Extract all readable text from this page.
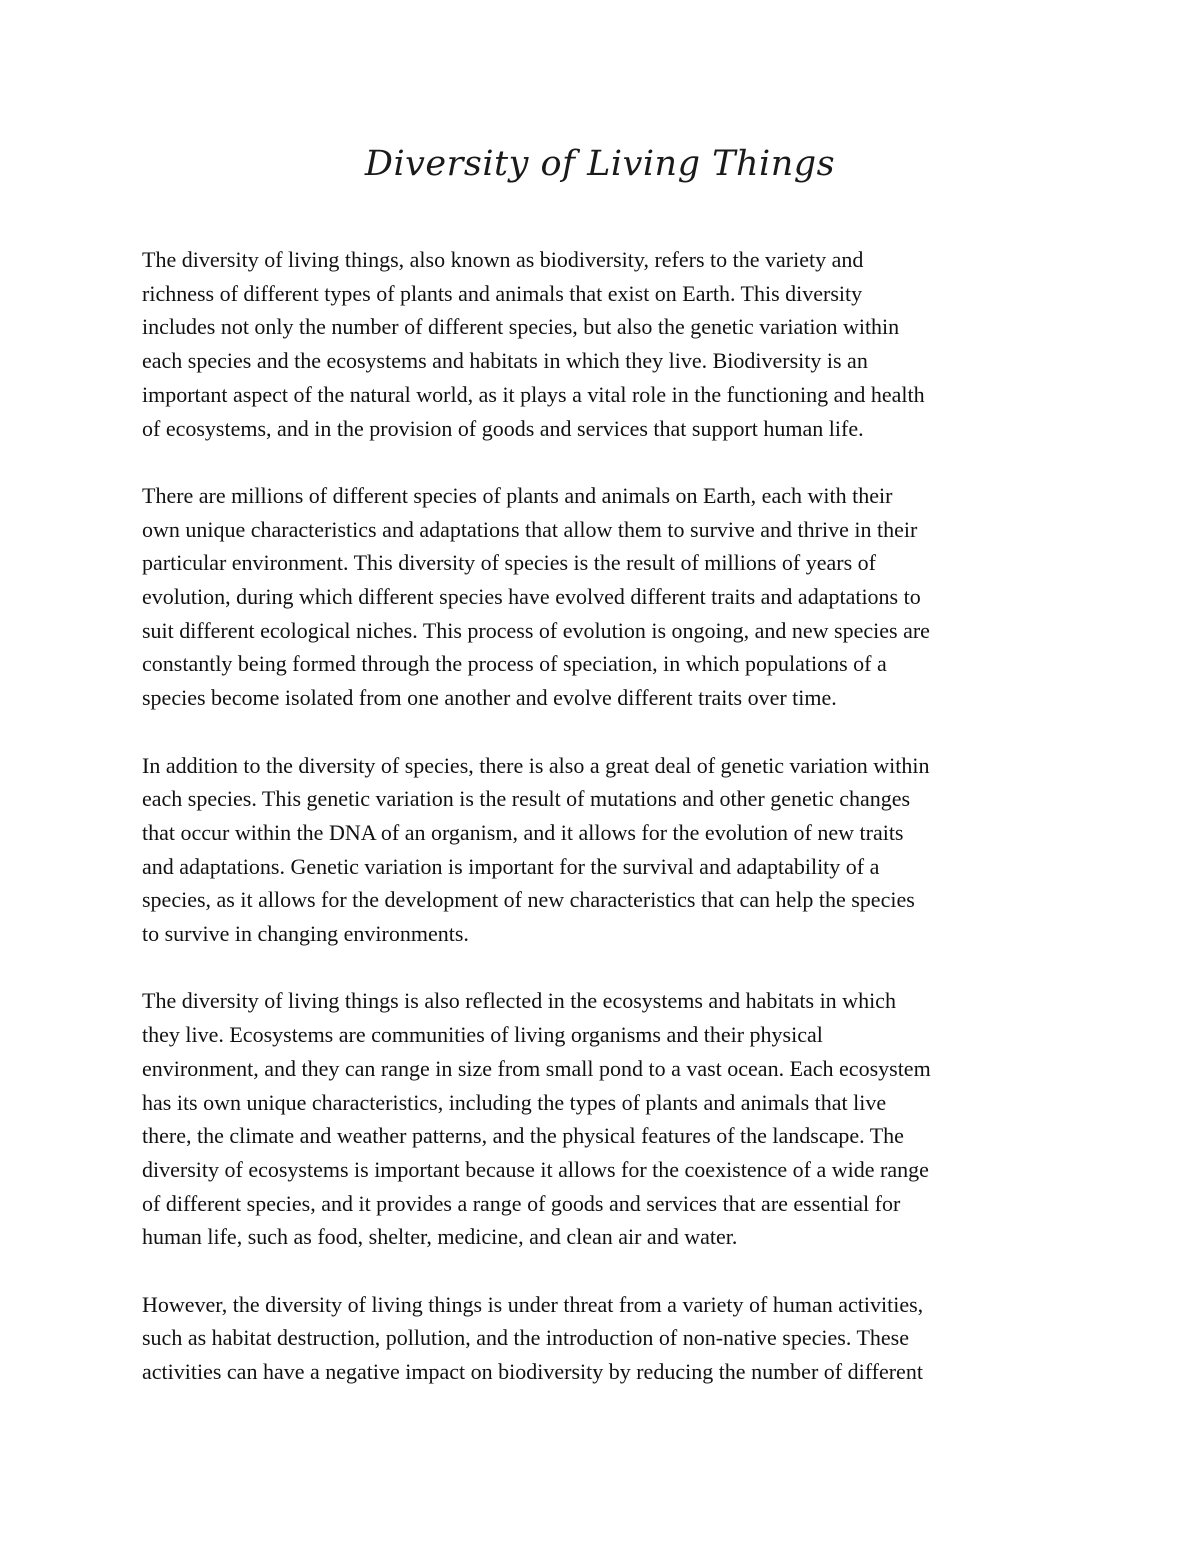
Diversity of Living Things

The diversity of living things, also known as biodiversity, refers to the variety and
richness of different types of plants and animals that exist on Earth. This diversity
includes not only the number of different species, but also the genetic variation within
each species and the ecosystems and habitats in which they live. Biodiversity is an
important aspect of the natural world, as it plays a vital role in the functioning and health
of ecosystems, and in the provision of goods and services that support human life.

There are millions of different species of plants and animals on Earth, each with their
own unique characteristics and adaptations that allow them to survive and thrive in their
particular environment. This diversity of species is the result of millions of years of
evolution, during which different species have evolved different traits and adaptations to
suit different ecological niches. This process of evolution is ongoing, and new species are
constantly being formed through the process of speciation, in which populations of a
species become isolated from one another and evolve different traits over time.

In addition to the diversity of species, there is also a great deal of genetic variation within
each species. This genetic variation is the result of mutations and other genetic changes
that occur within the DNA of an organism, and it allows for the evolution of new traits
and adaptations. Genetic variation is important for the survival and adaptability of a
species, as it allows for the development of new characteristics that can help the species
to survive in changing environments.

The diversity of living things is also reflected in the ecosystems and habitats in which
they live. Ecosystems are communities of living organisms and their physical
environment, and they can range in size from small pond to a vast ocean. Each ecosystem
has its own unique characteristics, including the types of plants and animals that live
there, the climate and weather patterns, and the physical features of the landscape. The
diversity of ecosystems is important because it allows for the coexistence of a wide range
of different species, and it provides a range of goods and services that are essential for
human life, such as food, shelter, medicine, and clean air and water.

However, the diversity of living things is under threat from a variety of human activities,
such as habitat destruction, pollution, and the introduction of non-native species. These
activities can have a negative impact on biodiversity by reducing the number of different
